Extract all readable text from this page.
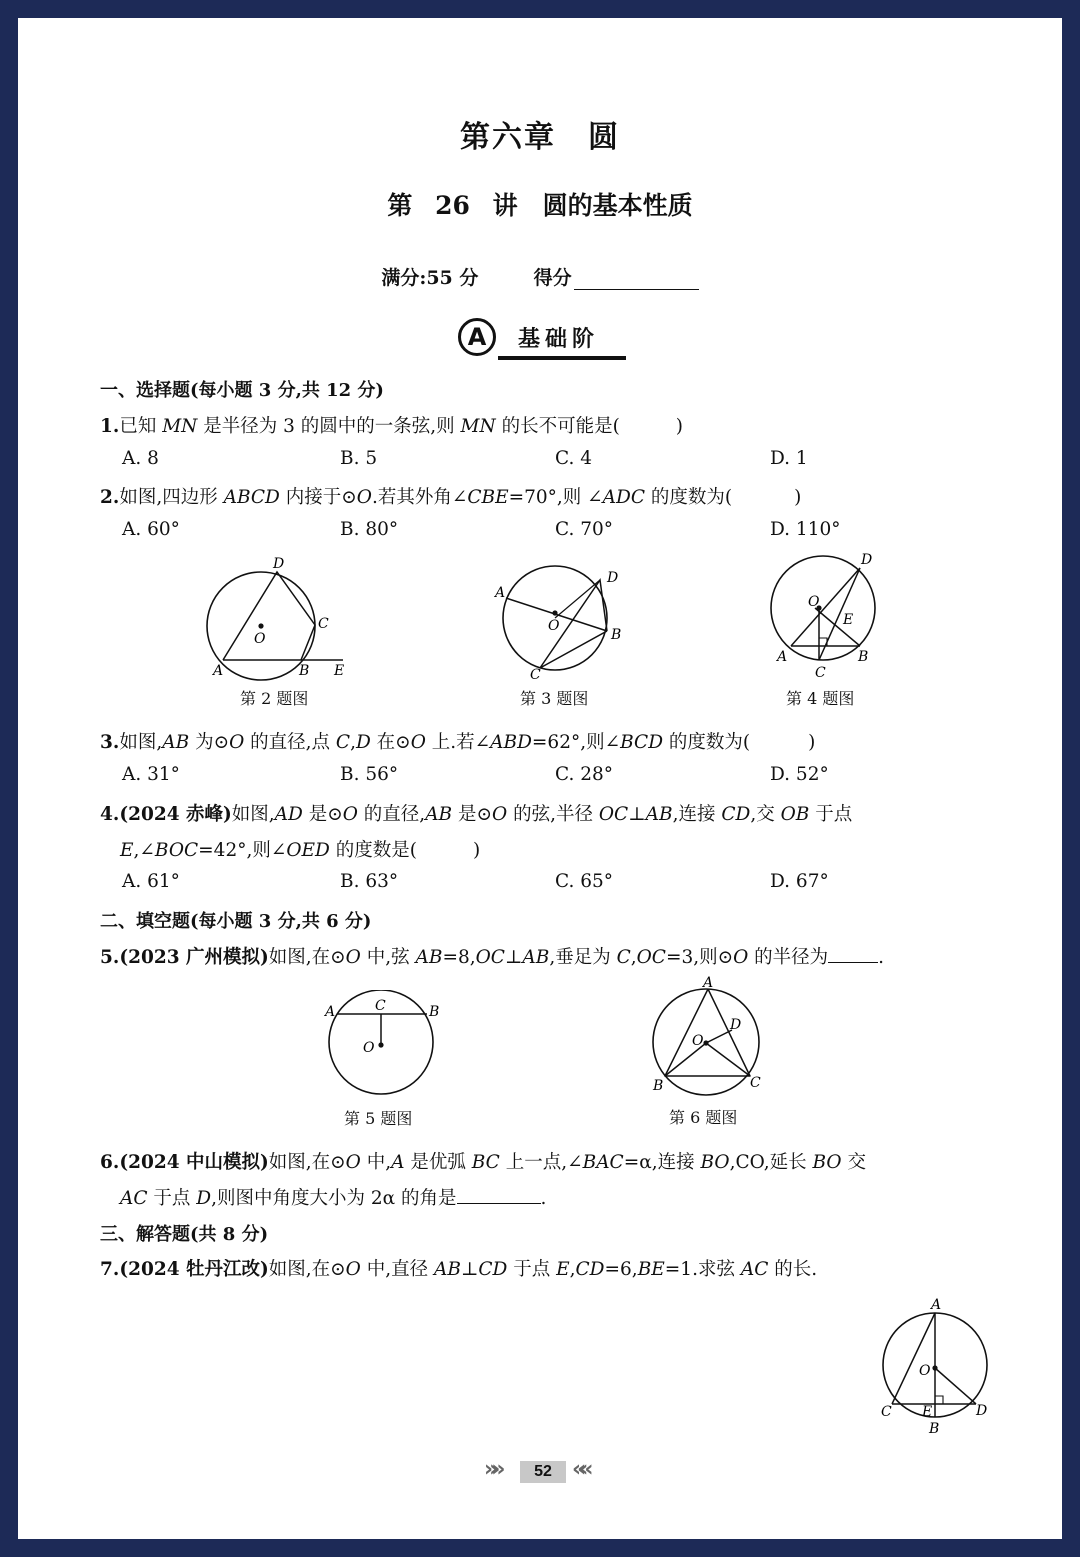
第六章　圆
第 26 讲　圆的基本性质
满分:55 分	得分
A	基础阶
一、选择题(每小题 3 分,共 12 分)
1.已知 MN 是半径为 3 的圆中的一条弦,则 MN 的长不可能是(	)
A. 8	B. 5	C. 4	D. 1
2.如图,四边形 ABCD 内接于⊙O.若其外角∠CBE=70°,则 ∠ADC 的度数为(	)
A. 60°	B. 80°	C. 70°	D. 110°
D
C
O
A	B E
第 2 题图
A
D
O
B
C
第 3 题图
D
O
E
A	B
C
第 4 题图
3.如图,AB 为⊙O 的直径,点 C,D 在⊙O 上.若∠ABD=62°,则∠BCD 的度数为(	)
A. 31°	B. 56°	C. 28°	D. 52°
4.(2024 赤峰)如图,AD 是⊙O 的直径,AB 是⊙O 的弦,半径 OC⊥AB,连接 CD,交 OB 于点
E,∠BOC=42°,则∠OED 的度数是(	)
A. 61°	B. 63°	C. 65°	D. 67°
二、填空题(每小题 3 分,共 6 分)
5.(2023 广州模拟)如图,在⊙O 中,弦 AB=8,OC⊥AB,垂足为 C,OC=3,则⊙O 的半径为	.
A	C	B
O
第 5 题图
A
D
O
B	C
第 6 题图
6.(2024 中山模拟)如图,在⊙O 中,A 是优弧 BC 上一点,∠BAC=α,连接 BO,CO,延长 BO 交
AC 于点 D,则图中角度大小为 2α 的角是	.
三、解答题(共 8 分)
7.(2024 牡丹江改)如图,在⊙O 中,直径 AB⊥CD 于点 E,CD=6,BE=1.求弦 AC 的长.
A
O
C E	D
B
»»	52 ««
